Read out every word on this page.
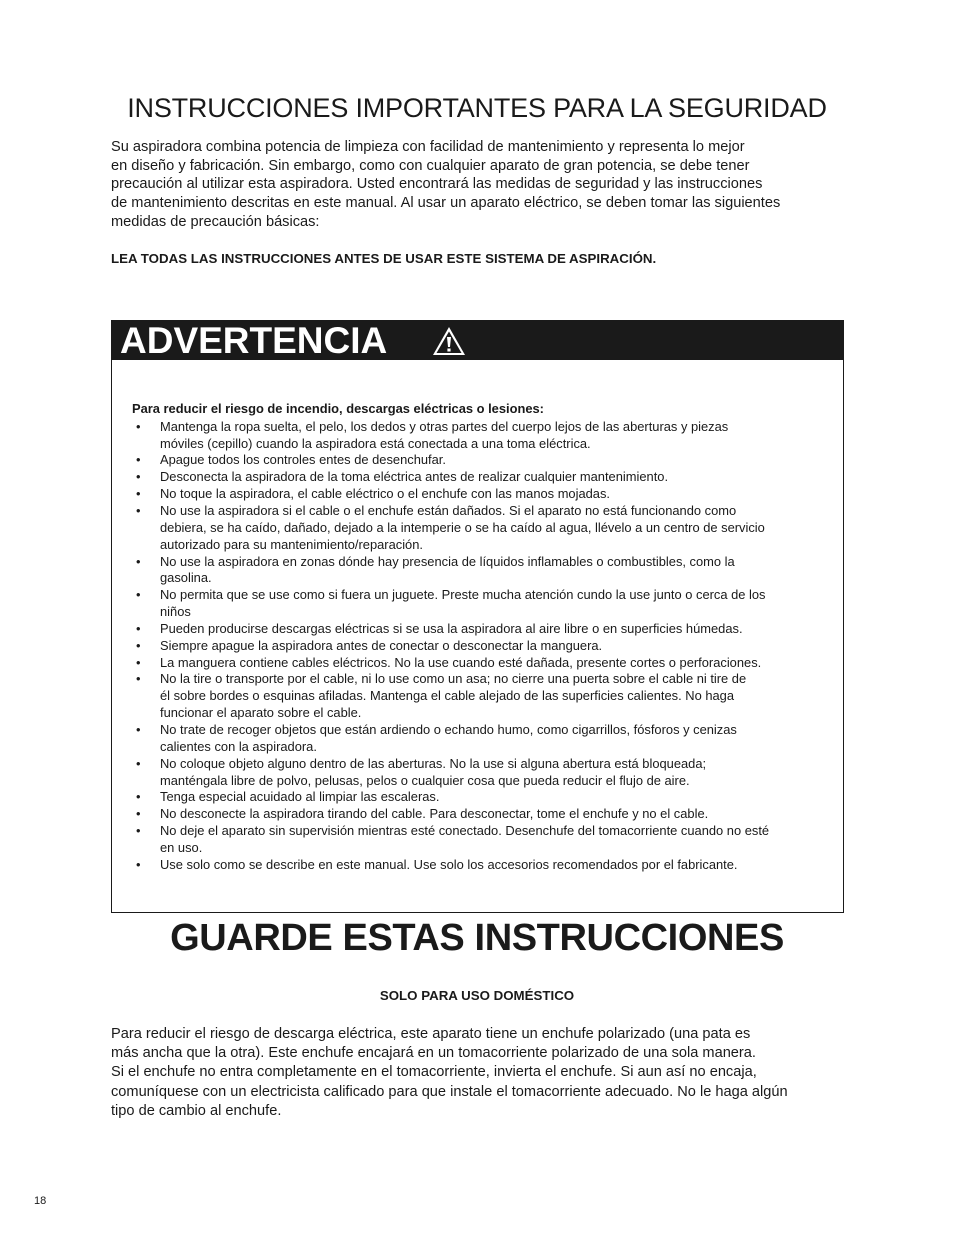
INSTRUCCIONES IMPORTANTES PARA LA SEGURIDAD

Su aspiradora combina potencia de limpieza con facilidad de mantenimiento y representa lo mejor
en diseño y fabricación. Sin embargo, como con cualquier aparato de gran potencia, se debe tener
precaución al utilizar esta aspiradora. Usted encontrará las medidas de seguridad y las instrucciones
de mantenimiento descritas en este manual. Al usar un aparato eléctrico, se deben tomar las siguientes
medidas de precaución básicas:

LEA TODAS LAS INSTRUCCIONES ANTES DE USAR ESTE SISTEMA DE ASPIRACIÓN.

ADVERTENCIA

Para reducir el riesgo de incendio, descargas eléctricas o lesiones:

• Mantenga la ropa suelta, el pelo, los dedos y otras partes del cuerpo lejos de las aberturas y piezas
móviles (cepillo) cuando la aspiradora está conectada a una toma eléctrica.
• Apague todos los controles entes de desenchufar.
• Desconecta la aspiradora de la toma eléctrica antes de realizar cualquier mantenimiento.
• No toque la aspiradora, el cable eléctrico o el enchufe con las manos mojadas.
• No use la aspiradora si el cable o el enchufe están dañados. Si el aparato no está funcionando como
debiera, se ha caído, dañado, dejado a la intemperie o se ha caído al agua, llévelo a un centro de servicio
autorizado para su mantenimiento/reparación.
• No use la aspiradora en zonas dónde hay presencia de líquidos inflamables o combustibles, como la
gasolina.
• No permita que se use como si fuera un juguete. Preste mucha atención cundo la use junto o cerca de los
niños
• Pueden producirse descargas eléctricas si se usa la aspiradora al aire libre o en superficies húmedas.
• Siempre apague la aspiradora antes de conectar o desconectar la manguera.
• La manguera contiene cables eléctricos. No la use cuando esté dañada, presente cortes o perforaciones.
• No la tire o transporte por el cable, ni lo use como un asa; no cierre una puerta sobre el cable ni tire de
él sobre bordes o esquinas afiladas. Mantenga el cable alejado de las superficies calientes. No haga
funcionar el aparato sobre el cable.
• No trate de recoger objetos que están ardiendo o echando humo, como cigarrillos, fósforos y cenizas
calientes con la aspiradora.
• No coloque objeto alguno dentro de las aberturas. No la use si alguna abertura está bloqueada;
manténgala libre de polvo, pelusas, pelos o cualquier cosa que pueda reducir el flujo de aire.
• Tenga especial acuidado al limpiar las escaleras.
• No desconecte la aspiradora tirando del cable. Para desconectar, tome el enchufe y no el cable.
• No deje el aparato sin supervisión mientras esté conectado. Desenchufe del tomacorriente cuando no esté
en uso.
• Use solo como se describe en este manual. Use solo los accesorios recomendados por el fabricante.
GUARDE ESTAS INSTRUCCIONES

SOLO PARA USO DOMÉSTICO

Para reducir el riesgo de descarga eléctrica, este aparato tiene un enchufe polarizado (una pata es
más ancha que la otra). Este enchufe encajará en un tomacorriente polarizado de una sola manera.
Si el enchufe no entra completamente en el tomacorriente, invierta el enchufe. Si aun así no encaja,
comuníquese con un electricista calificado para que instale el tomacorriente adecuado. No le haga algún
tipo de cambio al enchufe.

18
